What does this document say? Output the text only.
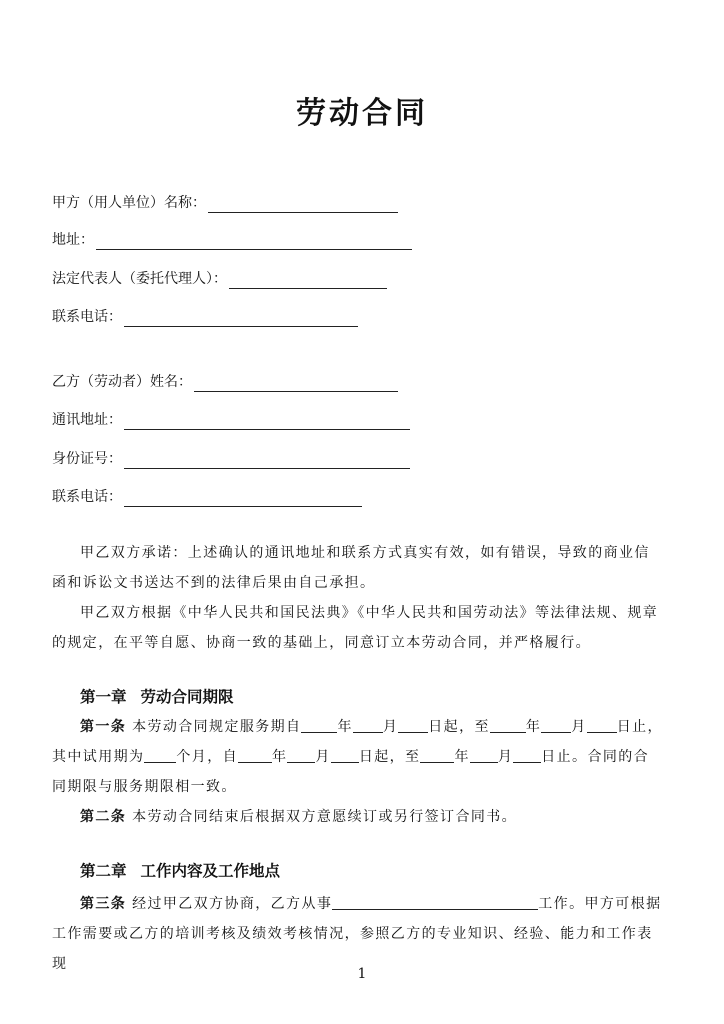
劳动合同
甲方（用人单位）名称：
地址：
法定代表人（委托代理人）：
联系电话：
乙方（劳动者）姓名：
通讯地址：
身份证号：
联系电话：

甲乙双方承诺：上述确认的通讯地址和联系方式真实有效，如有错误，导致的商业信函和诉讼文书送达不到的法律后果由自己承担。

甲乙双方根据《中华人民共和国民法典》《中华人民共和国劳动法》等法律法规、规章的规定，在平等自愿、协商一致的基础上，同意订立本劳动合同，并严格履行。

第一章 劳动合同期限

第一条 本劳动合同规定服务期自	年 月 日起，至	年 月 日止，其中试用期为 个月，自 年 月 日起，至 年 月 日止。合同的合同期限与服务期限相一致。

第二条 本劳动合同结束后根据双方意愿续订或另行签订合同书。

第二章 工作内容及工作地点

第三条 经过甲乙双方协商，乙方从事	工作。甲方可根据工作需要或乙方的培训考核及绩效考核情况，参照乙方的专业知识、经验、能力和工作表现

1
